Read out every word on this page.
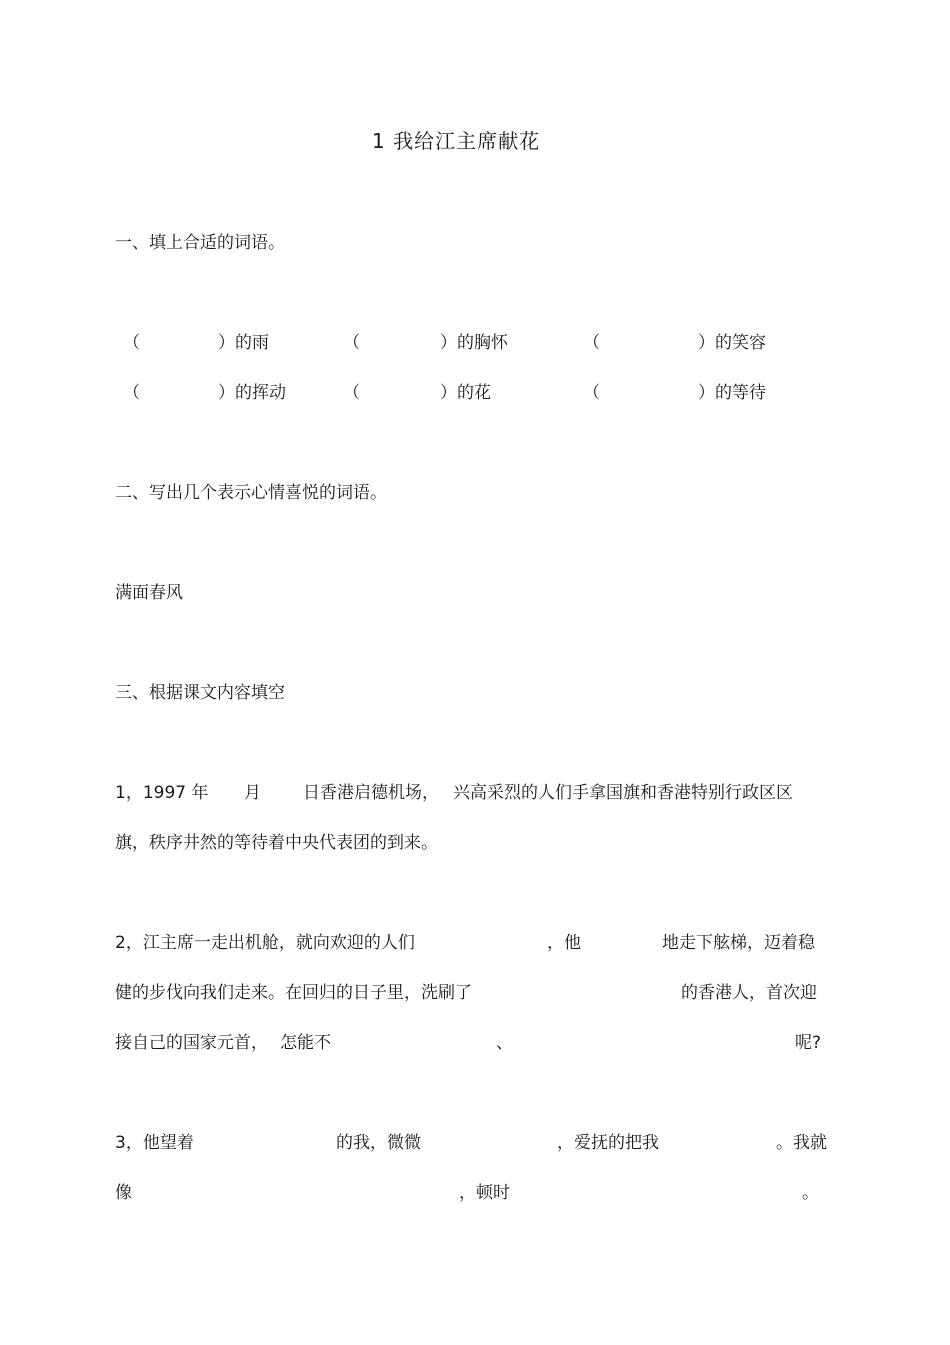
1 我给江主席献花
一、填上合适的词语。
（	）的雨	（	）的胸怀	（	）的笑容
（	）的挥动	（	）的花	（	）的等待
二、写出几个表示心情喜悦的词语。
满面春风
三、根据课文内容填空
1，1997 年 月 日香港启德机场， 兴高采烈的人们手拿国旗和香港特别行政区区
旗，秩序井然的等待着中央代表团的到来。
2，江主席一走出机舱，就向欢迎的人们	，他	地走下舷梯，迈着稳
健的步伐向我们走来。在回归的日子里，洗刷了	的香港人，首次迎
接自己的国家元首， 怎能不	、	呢?
3，他望着	的我，微微	，爱抚的把我	。我就
像	，顿时	。
